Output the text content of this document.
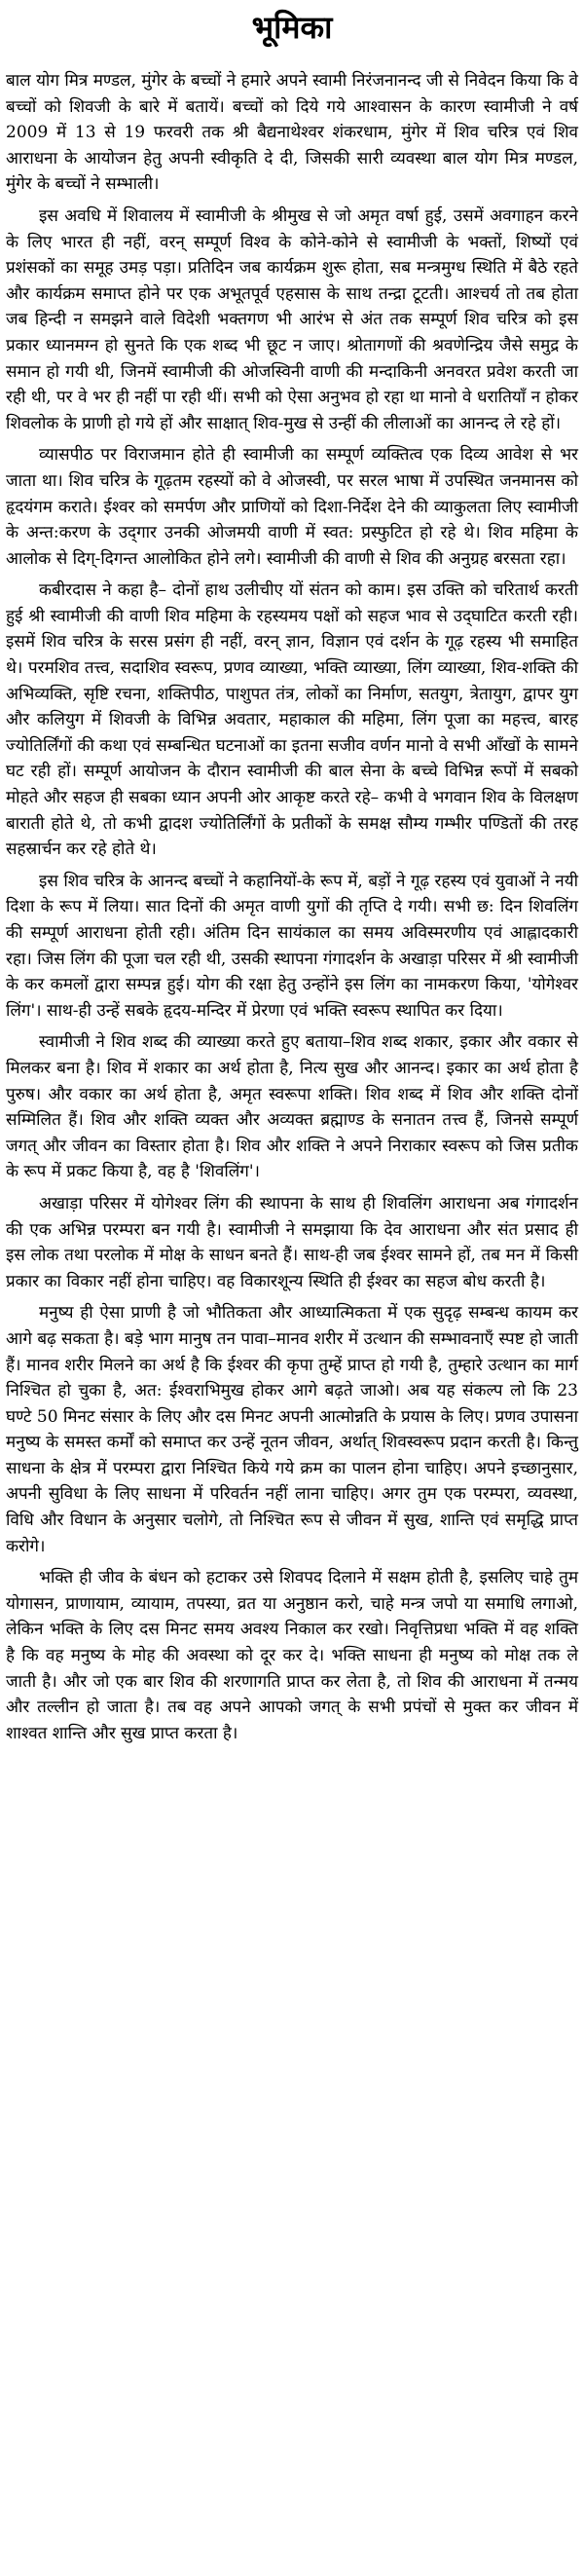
भूमिका

बाल योग मित्र मण्डल, मुंगेर के बच्चों ने हमारे अपने स्वामी निरंजनानन्द जी से निवेदन किया कि वे बच्चों को शिवजी के बारे में बतायें। बच्चों को दिये गये आश्वासन के कारण स्वामीजी ने वर्ष 2009 में 13 से 19 फरवरी तक श्री बैद्यनाथेश्वर शंकरधाम, मुंगेर में शिव चरित्र एवं शिव आराधना के आयोजन हेतु अपनी स्वीकृति दे दी, जिसकी सारी व्यवस्था बाल योग मित्र मण्डल, मुंगेर के बच्चों ने सम्भाली।

इस अवधि में शिवालय में स्वामीजी के श्रीमुख से जो अमृत वर्षा हुई, उसमें अवगाहन करने के लिए भारत ही नहीं, वरन् सम्पूर्ण विश्व के कोने-कोने से स्वामीजी के भक्तों, शिष्यों एवं प्रशंसकों का समूह उमड़ पड़ा। प्रतिदिन जब कार्यक्रम शुरू होता, सब मन्त्रमुग्ध स्थिति में बैठे रहते और कार्यक्रम समाप्त होने पर एक अभूतपूर्व एहसास के साथ तन्द्रा टूटती। आश्चर्य तो तब होता जब हिन्दी न समझने वाले विदेशी भक्तगण भी आरंभ से अंत तक सम्पूर्ण शिव चरित्र को इस प्रकार ध्यानमग्न हो सुनते कि एक शब्द भी छूट न जाए। श्रोतागणों की श्रवणेन्द्रिय जैसे समुद्र के समान हो गयी थी, जिनमें स्वामीजी की ओजस्विनी वाणी की मन्दाकिनी अनवरत प्रवेश करती जा रही थी, पर वे भर ही नहीं पा रही थीं। सभी को ऐसा अनुभव हो रहा था मानो वे धरातियाँ न होकर शिवलोक के प्राणी हो गये हों और साक्षात् शिव-मुख से उन्हीं की लीलाओं का आनन्द ले रहे हों।

व्यासपीठ पर विराजमान होते ही स्वामीजी का सम्पूर्ण व्यक्तित्व एक दिव्य आवेश से भर जाता था। शिव चरित्र के गूढ़तम रहस्यों को वे ओजस्वी, पर सरल भाषा में उपस्थित जनमानस को हृदयंगम कराते। ईश्वर को समर्पण और प्राणियों को दिशा-निर्देश देने की व्याकुलता लिए स्वामीजी के अन्त:करण के उद्‌गार उनकी ओजमयी वाणी में स्वत: प्रस्फुटित हो रहे थे। शिव महिमा के आलोक से दिग्-दिगन्त आलोकित होने लगे। स्वामीजी की वाणी से शिव की अनुग्रह बरसता रहा।

कबीरदास ने कहा है– दोनों हाथ उलीचीए यों संतन को काम। इस उक्ति को चरितार्थ करती हुई श्री स्वामीजी की वाणी शिव महिमा के रहस्यमय पक्षों को सहज भाव से उद्‌घाटित करती रही। इसमें शिव चरित्र के सरस प्रसंग ही नहीं, वरन् ज्ञान, विज्ञान एवं दर्शन के गूढ़ रहस्य भी समाहित थे। परमशिव तत्त्व, सदाशिव स्वरूप, प्रणव व्याख्या, भक्ति व्याख्या, लिंग व्याख्या, शिव-शक्ति की अभिव्यक्ति, सृष्टि रचना, शक्तिपीठ, पाशुपत तंत्र, लोकों का निर्माण, सतयुग, त्रेतायुग, द्वापर युग और कलियुग में शिवजी के विभिन्न अवतार, महाकाल की महिमा, लिंग पूजा का महत्त्व, बारह ज्योतिर्लिंगों की कथा एवं सम्बन्धित घटनाओं का इतना सजीव वर्णन मानो वे सभी आँखों के सामने घट रही हों। सम्पूर्ण आयोजन के दौरान स्वामीजी की बाल सेना के बच्चे विभिन्न रूपों में सबको मोहते और सहज ही सबका ध्यान अपनी ओर आकृष्ट करते रहे– कभी वे भगवान शिव के विलक्षण बाराती होते थे, तो कभी द्वादश ज्योतिर्लिंगों के प्रतीकों के समक्ष सौम्य गम्भीर पण्डितों की तरह सहस्रार्चन कर रहे होते थे।

इस शिव चरित्र के आनन्द बच्चों ने कहानियों-के रूप में, बड़ों ने गूढ़ रहस्य एवं युवाओं ने नयी दिशा के रूप में लिया। सात दिनों की अमृत वाणी युगों की तृप्ति दे गयी। सभी छ: दिन शिवलिंग की सम्पूर्ण आराधना होती रही। अंतिम दिन सायंकाल का समय अविस्मरणीय एवं आह्लादकारी रहा। जिस लिंग की पूजा चल रही थी, उसकी स्थापना गंगादर्शन के अखाड़ा परिसर में श्री स्वामीजी के कर कमलों द्वारा सम्पन्न हुई। योग की रक्षा हेतु उन्होंने इस लिंग का नामकरण किया, 'योगेश्वर लिंग'। साथ-ही उन्हें सबके हृदय-मन्दिर में प्रेरणा एवं भक्ति स्वरूप स्थापित कर दिया।

स्वामीजी ने शिव शब्द की व्याख्या करते हुए बताया–शिव शब्द शकार, इकार और वकार से मिलकर बना है। शिव में शकार का अर्थ होता है, नित्य सुख और आनन्द। इकार का अर्थ होता है पुरुष। और वकार का अर्थ होता है, अमृत स्वरूपा शक्ति। शिव शब्द में शिव और शक्ति दोनों सम्मिलित हैं। शिव और शक्ति व्यक्त और अव्यक्त ब्रह्माण्ड के सनातन तत्त्व हैं, जिनसे सम्पूर्ण जगत् और जीवन का विस्तार होता है। शिव और शक्ति ने अपने निराकार स्वरूप को जिस प्रतीक के रूप में प्रकट किया है, वह है 'शिवलिंग'।

अखाड़ा परिसर में योगेश्वर लिंग की स्थापना के साथ ही शिवलिंग आराधना अब गंगादर्शन की एक अभिन्न परम्परा बन गयी है। स्वामीजी ने समझाया कि देव आराधना और संत प्रसाद ही इस लोक तथा परलोक में मोक्ष के साधन बनते हैं। साथ-ही जब ईश्वर सामने हों, तब मन में किसी प्रकार का विकार नहीं होना चाहिए। वह विकारशून्य स्थिति ही ईश्वर का सहज बोध करती है।

मनुष्य ही ऐसा प्राणी है जो भौतिकता और आध्यात्मिकता में एक सुदृढ़ सम्बन्ध कायम कर आगे बढ़ सकता है। बड़े भाग मानुष तन पावा–मानव शरीर में उत्थान की सम्भावनाएँ स्पष्ट हो जाती हैं। मानव शरीर मिलने का अर्थ है कि ईश्वर की कृपा तुम्हें प्राप्त हो गयी है, तुम्हारे उत्थान का मार्ग निश्चित हो चुका है, अत: ईश्वराभिमुख होकर आगे बढ़ते जाओ। अब यह संकल्प लो कि 23 घण्टे 50 मिनट संसार के लिए और दस मिनट अपनी आत्मोन्नति के प्रयास के लिए। प्रणव उपासना मनुष्य के समस्त कर्मों को समाप्त कर उन्हें नूतन जीवन, अर्थात् शिवस्वरूप प्रदान करती है। किन्तु साधना के क्षेत्र में परम्परा द्वारा निश्चित किये गये क्रम का पालन होना चाहिए। अपने इच्छानुसार, अपनी सुविधा के लिए साधना में परिवर्तन नहीं लाना चाहिए। अगर तुम एक परम्परा, व्यवस्था, विधि और विधान के अनुसार चलोगे, तो निश्चित रूप से जीवन में सुख, शान्ति एवं समृद्धि प्राप्त करोगे।

भक्ति ही जीव के बंधन को हटाकर उसे शिवपद दिलाने में सक्षम होती है, इसलिए चाहे तुम योगासन, प्राणायाम, व्यायाम, तपस्या, व्रत या अनुष्ठान करो, चाहे मन्त्र जपो या समाधि लगाओ, लेकिन भक्ति के लिए दस मिनट समय अवश्य निकाल कर रखो। निवृत्तिप्रधा भक्ति में वह शक्ति है कि वह मनुष्य के मोह की अवस्था को दूर कर दे। भक्ति साधना ही मनुष्य को मोक्ष तक ले जाती है। और जो एक बार शिव की शरणागति प्राप्त कर लेता है, तो शिव की आराधना में तन्मय और तल्लीन हो जाता है। तब वह अपने आपको जगत् के सभी प्रपंचों से मुक्त कर जीवन में शाश्वत शान्ति और सुख प्राप्त करता है।
